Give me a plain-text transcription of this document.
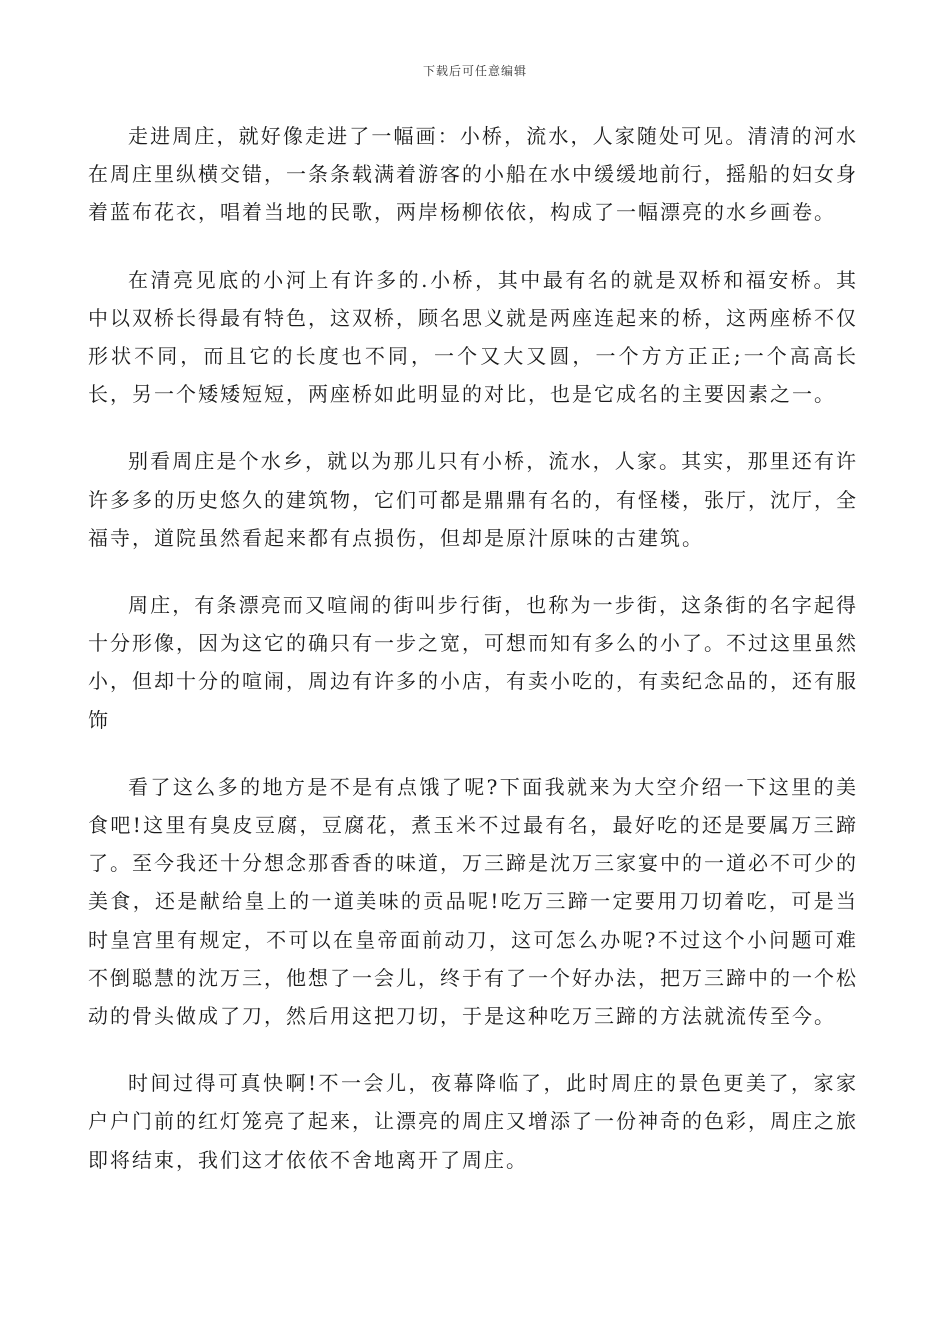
下载后可任意编辑

走进周庄，就好像走进了一幅画：小桥，流水，人家随处可见。清清的河水在周庄里纵横交错，一条条载满着游客的小船在水中缓缓地前行，摇船的妇女身着蓝布花衣，唱着当地的民歌，两岸杨柳依依，构成了一幅漂亮的水乡画卷。

在清亮见底的小河上有许多的.小桥，其中最有名的就是双桥和福安桥。其中以双桥长得最有特色，这双桥，顾名思义就是两座连起来的桥，这两座桥不仅形状不同，而且它的长度也不同，一个又大又圆，一个方方正正;一个高高长长，另一个矮矮短短，两座桥如此明显的对比，也是它成名的主要因素之一。

别看周庄是个水乡，就以为那儿只有小桥，流水，人家。其实，那里还有许许多多的历史悠久的建筑物，它们可都是鼎鼎有名的，有怪楼，张厅，沈厅，全福寺，道院虽然看起来都有点损伤，但却是原汁原味的古建筑。

周庄，有条漂亮而又喧闹的街叫步行街，也称为一步街，这条街的名字起得十分形像，因为这它的确只有一步之宽，可想而知有多么的小了。不过这里虽然小，但却十分的喧闹，周边有许多的小店，有卖小吃的，有卖纪念品的，还有服饰

看了这么多的地方是不是有点饿了呢?下面我就来为大空介绍一下这里的美食吧!这里有臭皮豆腐，豆腐花，煮玉米不过最有名，最好吃的还是要属万三蹄了。至今我还十分想念那香香的味道，万三蹄是沈万三家宴中的一道必不可少的美食，还是献给皇上的一道美味的贡品呢!吃万三蹄一定要用刀切着吃，可是当时皇宫里有规定，不可以在皇帝面前动刀，这可怎么办呢?不过这个小问题可难不倒聪慧的沈万三，他想了一会儿，终于有了一个好办法，把万三蹄中的一个松动的骨头做成了刀，然后用这把刀切，于是这种吃万三蹄的方法就流传至今。

时间过得可真快啊!不一会儿，夜幕降临了，此时周庄的景色更美了，家家户户门前的红灯笼亮了起来，让漂亮的周庄又增添了一份神奇的色彩，周庄之旅即将结束，我们这才依依不舍地离开了周庄。
